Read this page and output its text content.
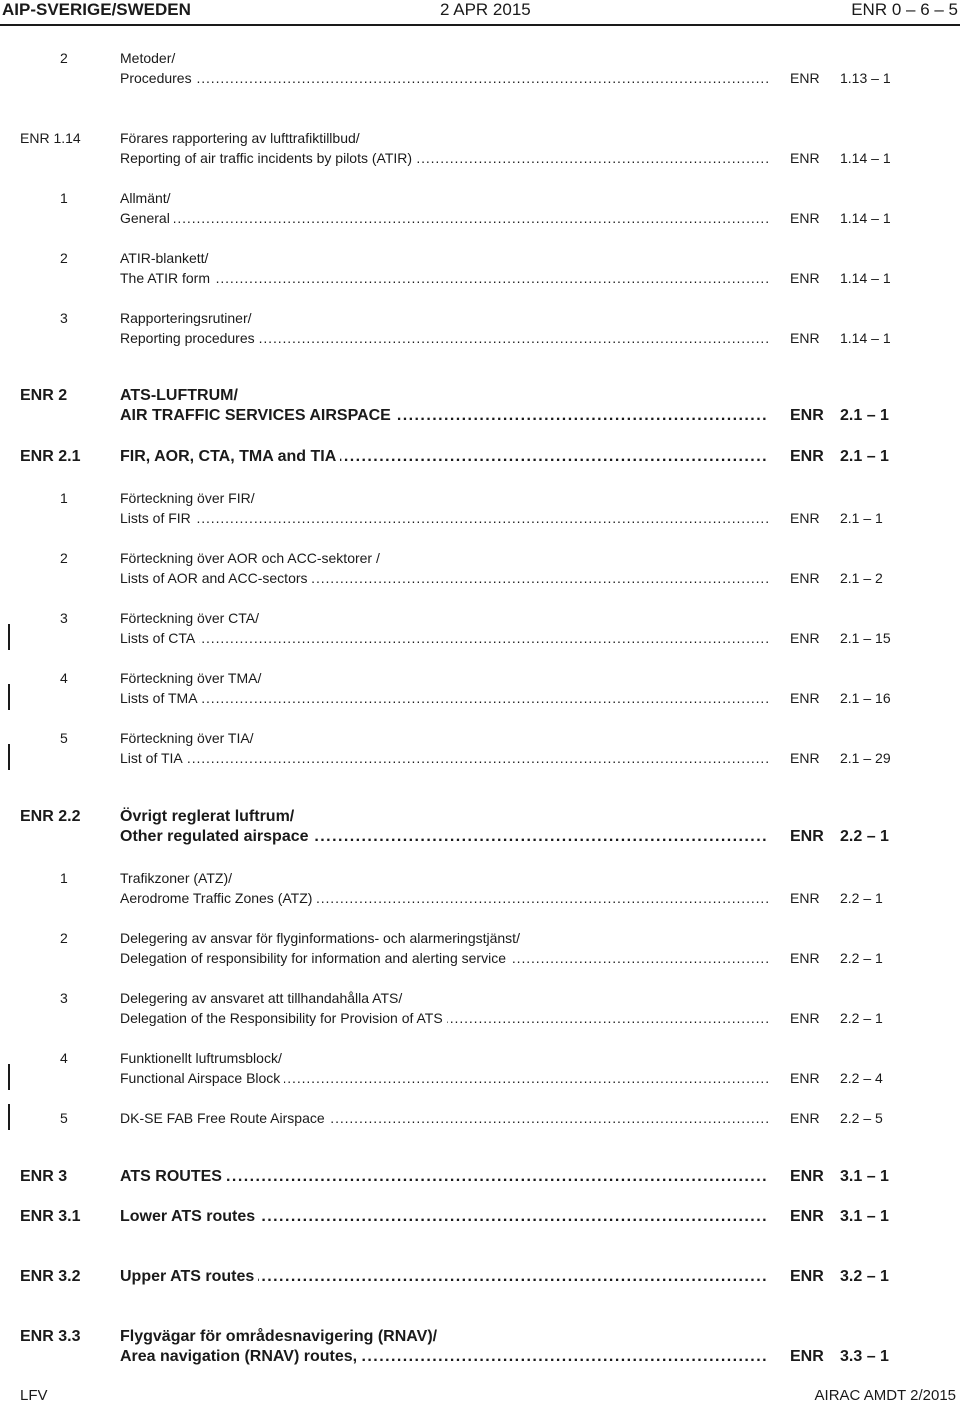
AIP-SVERIGE/SWEDEN	2 APR 2015	ENR 0 – 6 – 5
2	Metoder/
Procedures . . .	ENR 1.13 – 1
ENR 1.14	Förares rapportering av lufttrafiktillbud/
Reporting of air traffic incidents by pilots (ATIR) . . .	ENR 1.14 – 1
1	Allmänt/
General . . .	ENR 1.14 – 1
2	ATIR-blankett/
The ATIR form . . .	ENR 1.14 – 1
3	Rapporteringsrutiner/
Reporting procedures . . .	ENR 1.14 – 1
ENR 2	ATS-LUFTRUM/
AIR TRAFFIC SERVICES AIRSPACE . . .	ENR 2.1 – 1
ENR 2.1 FIR, AOR, CTA, TMA and TIA . . .	ENR 2.1 – 1
1	Förteckning över FIR/
Lists of FIR . . .	ENR 2.1 – 1
2	Förteckning över AOR och ACC-sektorer /
Lists of AOR and ACC-sectors . . .	ENR 2.1 – 2
3	Förteckning över CTA/
Lists of CTA . . .	ENR 2.1 – 15
4	Förteckning över TMA/
Lists of TMA . . .	ENR 2.1 – 16
5	Förteckning över TIA/
List of TIA . . .	ENR 2.1 – 29
ENR 2.2 Övrigt reglerat luftrum/
Other regulated airspace . . .	ENR 2.2 – 1
1	Trafikzoner (ATZ)/
Aerodrome Traffic Zones (ATZ) . . .	ENR 2.2 – 1
2	Delegering av ansvar för flyginformations- och alarmeringstjänst/
Delegation of responsibility for information and alerting service . . .	ENR 2.2 – 1
3	Delegering av ansvaret att tillhandahålla ATS/
Delegation of the Responsibility for Provision of ATS . . .	ENR 2.2 – 1
4	Funktionellt luftrumsblock/
Functional Airspace Block . . .	ENR 2.2 – 4
5	DK-SE FAB Free Route Airspace . . .	ENR 2.2 – 5
ENR 3	ATS ROUTES . . .	ENR 3.1 – 1
ENR 3.1 Lower ATS routes . . .	ENR 3.1 – 1
ENR 3.2 Upper ATS routes . . .	ENR 3.2 – 1
ENR 3.3 Flygvägar för områdesnavigering (RNAV)/
Area navigation (RNAV) routes, . . .	ENR 3.3 – 1
LFV	AIRAC AMDT 2/2015
